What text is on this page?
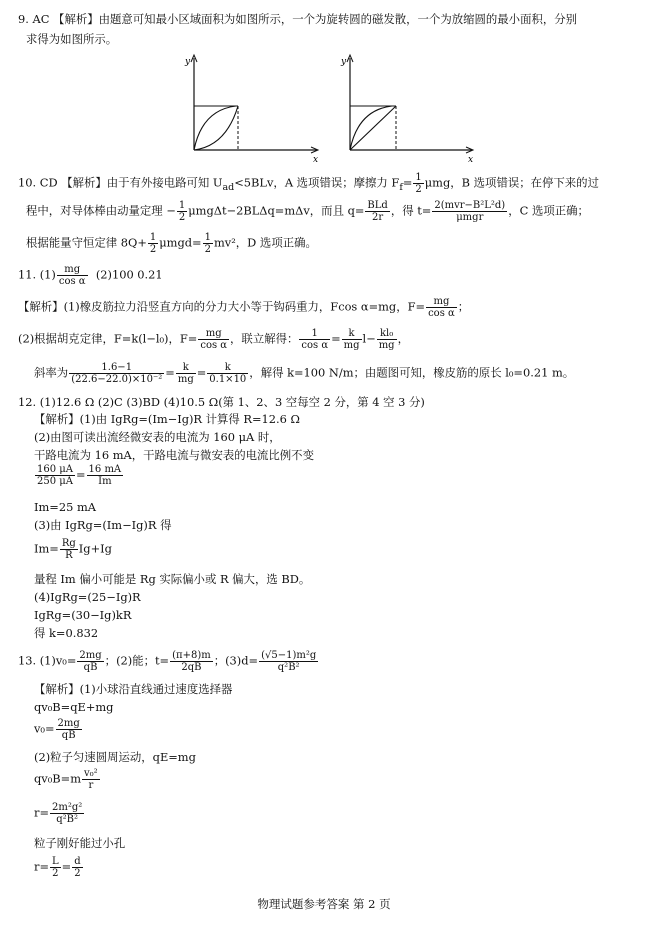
9. AC 【解析】由题意可知最小区域面积为如图所示，一个为旋转圆的磁发散，一个为放缩圆的最小面积，分别
求得为如图所示。
y
x
y
x
10. CD 【解析】由于有外接电路可知 $U_{ad}<5BLv$，A 选项错误；摩擦力 $F_f= \frac{1}{2}$ μmg，B 选项错误；在停下来的过
程中，对导体棒由动量定理 − $\frac{1}{2} \mu mg\Delta t-2BL\Delta q=m\Delta v$，而且 $q= \frac{\text{BLd}}{2r}$ ，得 $t= \frac{\text{2(mvr−B²L²d)}}{\text{μmgr}}$ ，C 选项正确；
根据能量守恒定律 $8Q+ \frac{1}{2} \mu mgd= \frac{1}{2} mv^2$，D 选项正确。
11. $(1) \frac{mg}{\text{cos α}} (2)100$ 0.21
【解析】(1)橡皮筋拉力沿竖直方向的分力大小等于钩码重力，Fcos α=mg，$F= \frac{mg}{\text{cos α}}$ ；
(2)根据胡克定律，F=k(l−l₀)，$F= \frac{mg}{\text{cos α}}$ ，联立解得： $\frac{1}{\text{cos α}} = \frac{k}{mg} l- \frac{\text{kl₀}}{mg}$ ，
斜率为 $\frac{1.6-1}{\text{(22.6−22.0)×10⁻²}} = \frac{k}{mg} = \frac{k}{0.1\times 10}$ ，解得 k=100 N/m；由题图可知，橡皮筋的原长 l₀=0.21 m。
12. (1)12.6 Ω (2)C (3)BD (4)10.5 Ω(第 1、2、3 空每空 2 分，第 4 空 3 分)
【解析】(1)由 IgRg=(Im−Ig)R 计算得 R=12.6 Ω
(2)由图可读出流经微安表的电流为 160 μA 时，
干路电流为 16 mA，干路电流与微安表的电流比例不变
$\frac{160 \mu A}{250 \mu A} = \frac{16 mA}{Im}$
Im=25 mA
(3)由 IgRg=(Im−Ig)R 得
$Im= \frac{Rg}{R} Ig+Ig$
量程 Im 偏小可能是 Rg 实际偏小或 R 偏大，选 BD。
(4)IgRg=(25−Ig)R
IgRg=(30−Ig)kR
得 k=0.832
13. $(1)v_0= \frac{2mg}{qB}$ ；(2)能；$t= \frac{(\pi+8)m}{2qB}$ ；$(3)d= \frac{\text{(√5−1)m²g}}{\text{q²B²}}$
【解析】(1)小球沿直线通过速度选择器
qv₀B=qE+mg
$v_0= \frac{2mg}{qB}$
(2)粒子匀速圆周运动，qE=mg
$qv_0B=m \frac{\text{v₀²}}{r}$
$r= \frac{\text{2m²g²}}{\text{q²B²}}$
粒子刚好能过小孔
$r= \frac{L}{2} = \frac{d}{2}$
物理试题参考答案 第 2 页
